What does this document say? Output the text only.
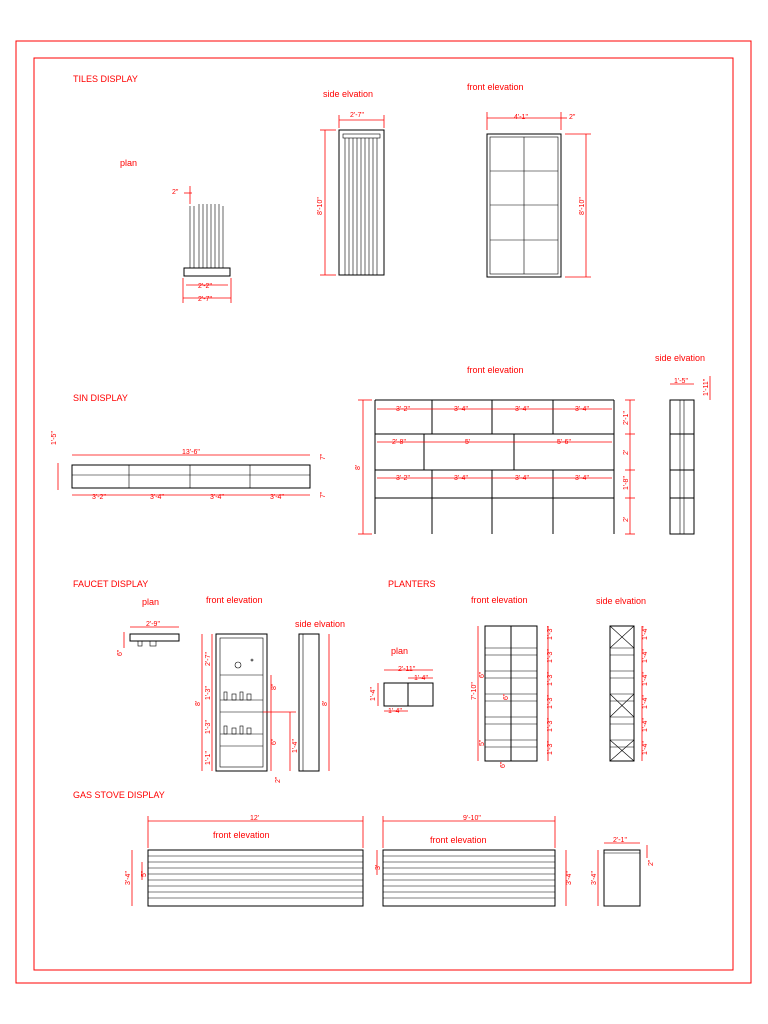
TILES DISPLAY
plan
side elvation
front elevation
2"
2'-2"
2'-7"
2'-7"
8'-10"
4'-1"	2"
8'-10"
SIN DISPLAY
front elevation
side elvation
13'-6"
1'-5"
7"
7"
3'-2"	3'-4"	3'-4"	3'-4"
3'-2"	3'-4"	3'-4"	3'-4"
2'-8"	5'	5'-6"
3'-2"	3'-4"	3'-4"	3'-4"
8'
2'-1"
2'
1'-8"
2'
1'-5" 1'-11"
FAUCET DISPLAY
plan	front elevation
side elvation
2'-9"
6"	2'-7"
1'-3"
1'-3"
1'-1"
8'
8"
6" 1'-4"
2"
8'
PLANTERS
plan
front elevation	side elvation
2'-11"
1'-4"
1'-4"
1'-4"
7'-10"
6"
6"
5"
6"
1'-3"
1'-3"
1'-3"
1'-3"
1'-3"
1'-3"
1'-4"
1'-4"
1'-4"
1'-4"
1'-4"
1'-4"
GAS STOVE DISPLAY
front elevation	front elevation
12'
3'-4" 5"
9'-10"
3'
3'-4"
2'-1"
3'-4"
2"
